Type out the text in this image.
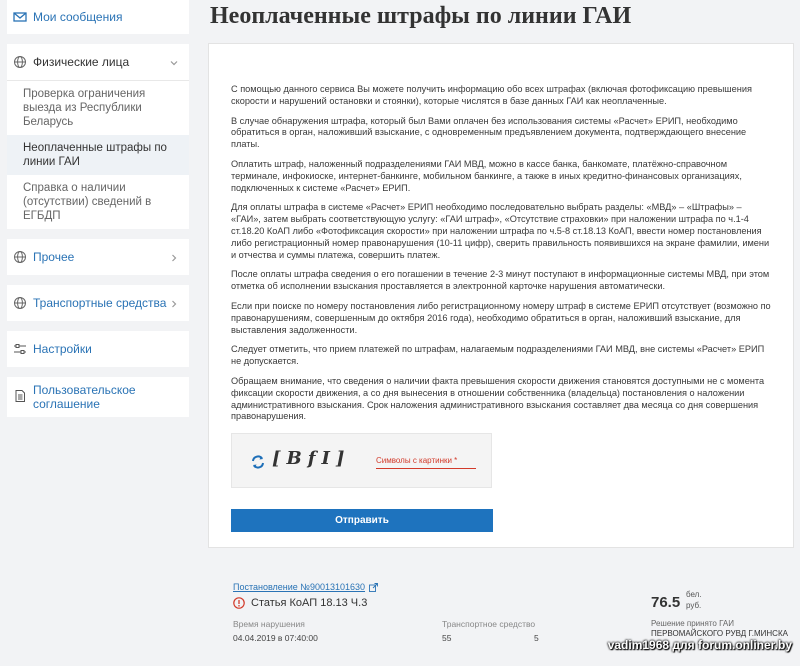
Мои сообщения
Физические лица
Проверка ограничения выезда из Республики Беларусь
Неоплаченные штрафы по линии ГАИ
Справка о наличии (отсутствии) сведений в ЕГБДП
Прочее
Транспортные средства
Настройки
Пользовательское соглашение
Неоплаченные штрафы по линии ГАИ

С помощью данного сервиса Вы можете получить информацию обо всех штрафах (включая фотофиксацию превышения скорости и нарушений остановки и стоянки), которые числятся в базе данных ГАИ как неоплаченные.

В случае обнаружения штрафа, который был Вами оплачен без использования системы «Расчет» ЕРИП, необходимо обратиться в орган, наложивший взыскание, с одновременным предъявлением документа, подтверждающего внесение платы.

Оплатить штраф, наложенный подразделениями ГАИ МВД, можно в кассе банка, банкомате, платёжно-справочном терминале, инфокиоске, интернет-банкинге, мобильном банкинге, а также в иных кредитно-финансовых организациях, подключенных к системе «Расчет» ЕРИП.

Для оплаты штрафа в системе «Расчет» ЕРИП необходимо последовательно выбрать разделы: «МВД» – «Штрафы» – «ГАИ», затем выбрать соответствующую услугу: «ГАИ штраф», «Отсутствие страховки» при наложении штрафа по ч.1-4 ст.18.20 КоАП либо «Фотофиксация скорости» при наложении штрафа по ч.5-8 ст.18.13 КоАП, ввести номер постановления либо регистрационный номер правонарушения (10-11 цифр), сверить правильность появившихся на экране фамилии, имени и отчества и суммы платежа, совершить платеж.

После оплаты штрафа сведения о его погашении в течение 2-3 минут поступают в информационные системы МВД, при этом отметка об исполнении взыскания проставляется в электронной карточке нарушения автоматически.

Если при поиске по номеру постановления либо регистрационному номеру штраф в системе ЕРИП отсутствует (возможно по правонарушениям, совершенным до октября 2016 года), необходимо обратиться в орган, наложивший взыскание, для выставления задолженности.

Следует отметить, что прием платежей по штрафам, налагаемым подразделениями ГАИ МВД, вне системы «Расчет» ЕРИП не допускается.

Обращаем внимание, что сведения о наличии факта превышения скорости движения становятся доступными не с момента фиксации скорости движения, а со дня вынесения в отношении собственника (владельца) постановления о наложении административного взыскания. Срок наложения административного взыскания составляет два месяца со дня совершения правонарушения.

[BfI]	Символы с картинки *
Отправить
Постановление №90013101630
Статья КоАП 18.13 Ч.3
Время нарушения
04.04.2019 в 07:40:00
Транспортное средство
55	5
76.5 бел.
руб.
Решение принято ГАИ
ПЕРВОМАЙСКОГО РУВД Г.МИНСКА
vadim1968 для forum.onliner.by
